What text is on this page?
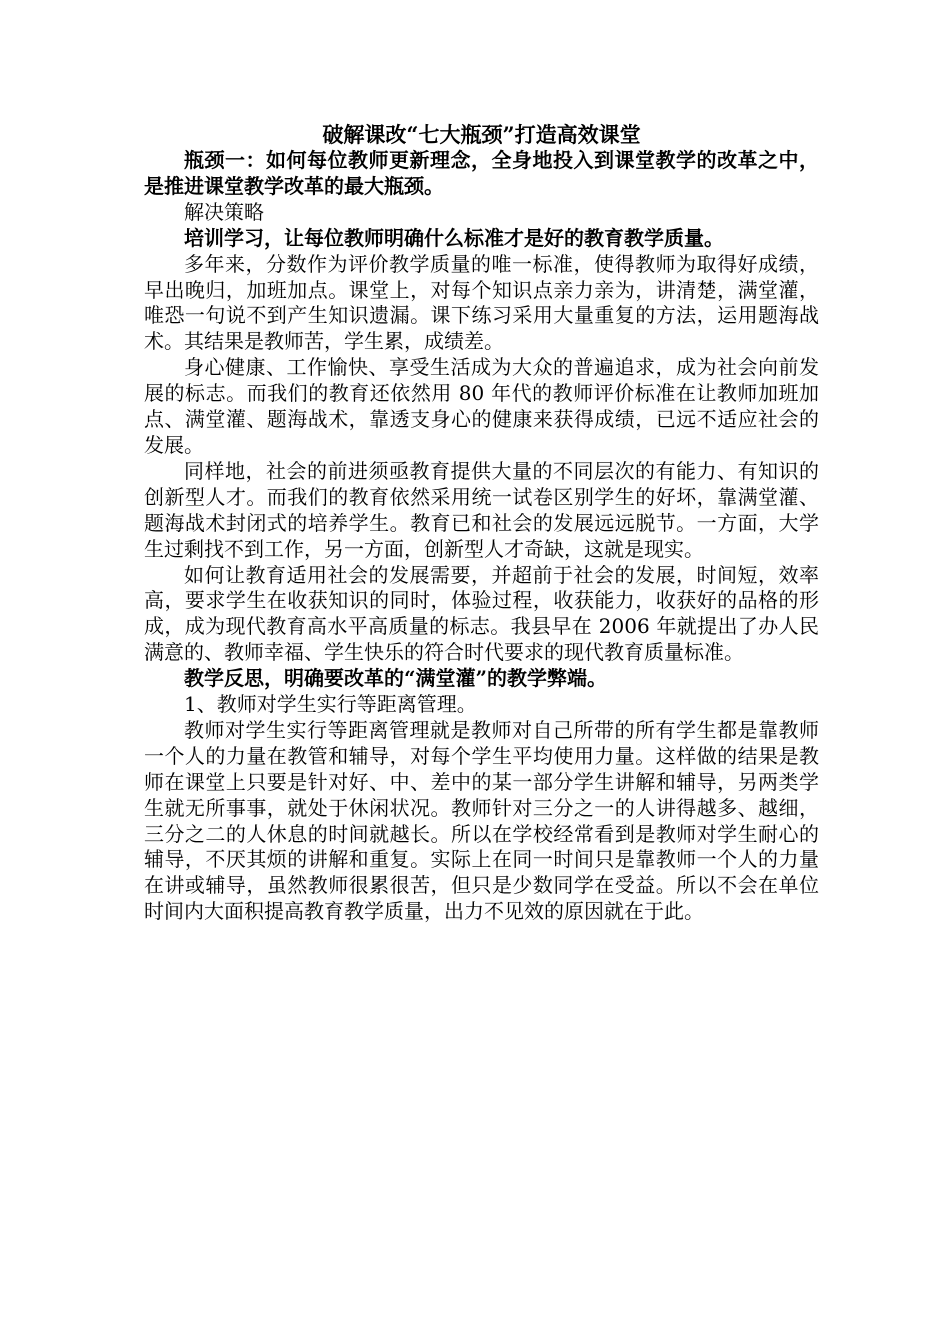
破解课改“七大瓶颈”打造高效课堂

瓶颈一：如何每位教师更新理念，全身地投入到课堂教学的改革之中，是推进课堂教学改革的最大瓶颈。

解决策略

培训学习，让每位教师明确什么标准才是好的教育教学质量。

多年来，分数作为评价教学质量的唯一标准，使得教师为取得好成绩，早出晚归，加班加点。课堂上，对每个知识点亲力亲为，讲清楚，满堂灌，唯恐一句说不到产生知识遗漏。课下练习采用大量重复的方法，运用题海战术。其结果是教师苦，学生累，成绩差。

身心健康、工作愉快、享受生活成为大众的普遍追求，成为社会向前发展的标志。而我们的教育还依然用 80 年代的教师评价标准在让教师加班加点、满堂灌、题海战术，靠透支身心的健康来获得成绩，已远不适应社会的发展。

同样地，社会的前进须亟教育提供大量的不同层次的有能力、有知识的创新型人才。而我们的教育依然采用统一试卷区别学生的好坏，靠满堂灌、题海战术封闭式的培养学生。教育已和社会的发展远远脱节。一方面，大学生过剩找不到工作，另一方面，创新型人才奇缺，这就是现实。

如何让教育适用社会的发展需要，并超前于社会的发展，时间短，效率高，要求学生在收获知识的同时，体验过程，收获能力，收获好的品格的形成，成为现代教育高水平高质量的标志。我县早在 2006 年就提出了办人民满意的、教师幸福、学生快乐的符合时代要求的现代教育质量标准。

教学反思，明确要改革的“满堂灌”的教学弊端。

1、教师对学生实行等距离管理。

教师对学生实行等距离管理就是教师对自己所带的所有学生都是靠教师一个人的力量在教管和辅导，对每个学生平均使用力量。这样做的结果是教师在课堂上只要是针对好、中、差中的某一部分学生讲解和辅导，另两类学生就无所事事，就处于休闲状况。教师针对三分之一的人讲得越多、越细，三分之二的人休息的时间就越长。所以在学校经常看到是教师对学生耐心的辅导，不厌其烦的讲解和重复。实际上在同一时间只是靠教师一个人的力量在讲或辅导，虽然教师很累很苦，但只是少数同学在受益。所以不会在单位时间内大面积提高教育教学质量，出力不见效的原因就在于此。
